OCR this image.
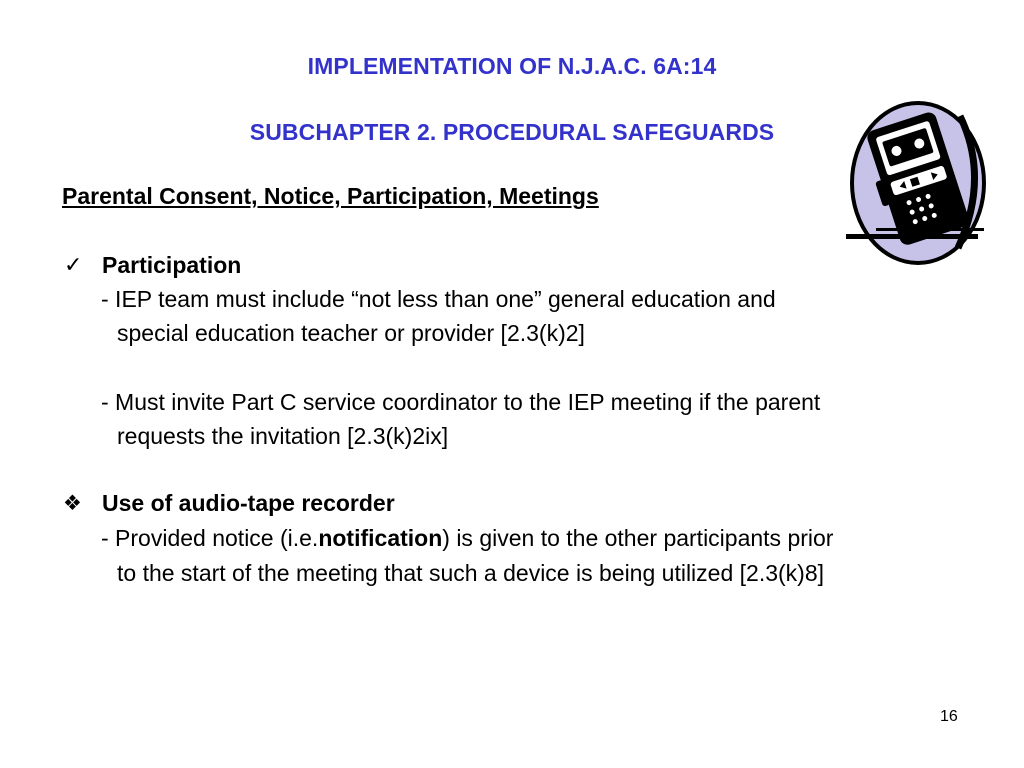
IMPLEMENTATION OF N.J.A.C. 6A:14
SUBCHAPTER 2. PROCEDURAL SAFEGUARDS
Parental Consent, Notice, Participation, Meetings
✓ Participation
- IEP team must include “not less than one” general education and
special education teacher or provider [2.3(k)2]
- Must invite Part C service coordinator to the IEP meeting if the parent
requests the invitation [2.3(k)2ix]
❖ Use of audio-tape recorder
- Provided notice (i.e.notification) is given to the other participants prior
to the start of the meeting that such a device is being utilized [2.3(k)8]
16
